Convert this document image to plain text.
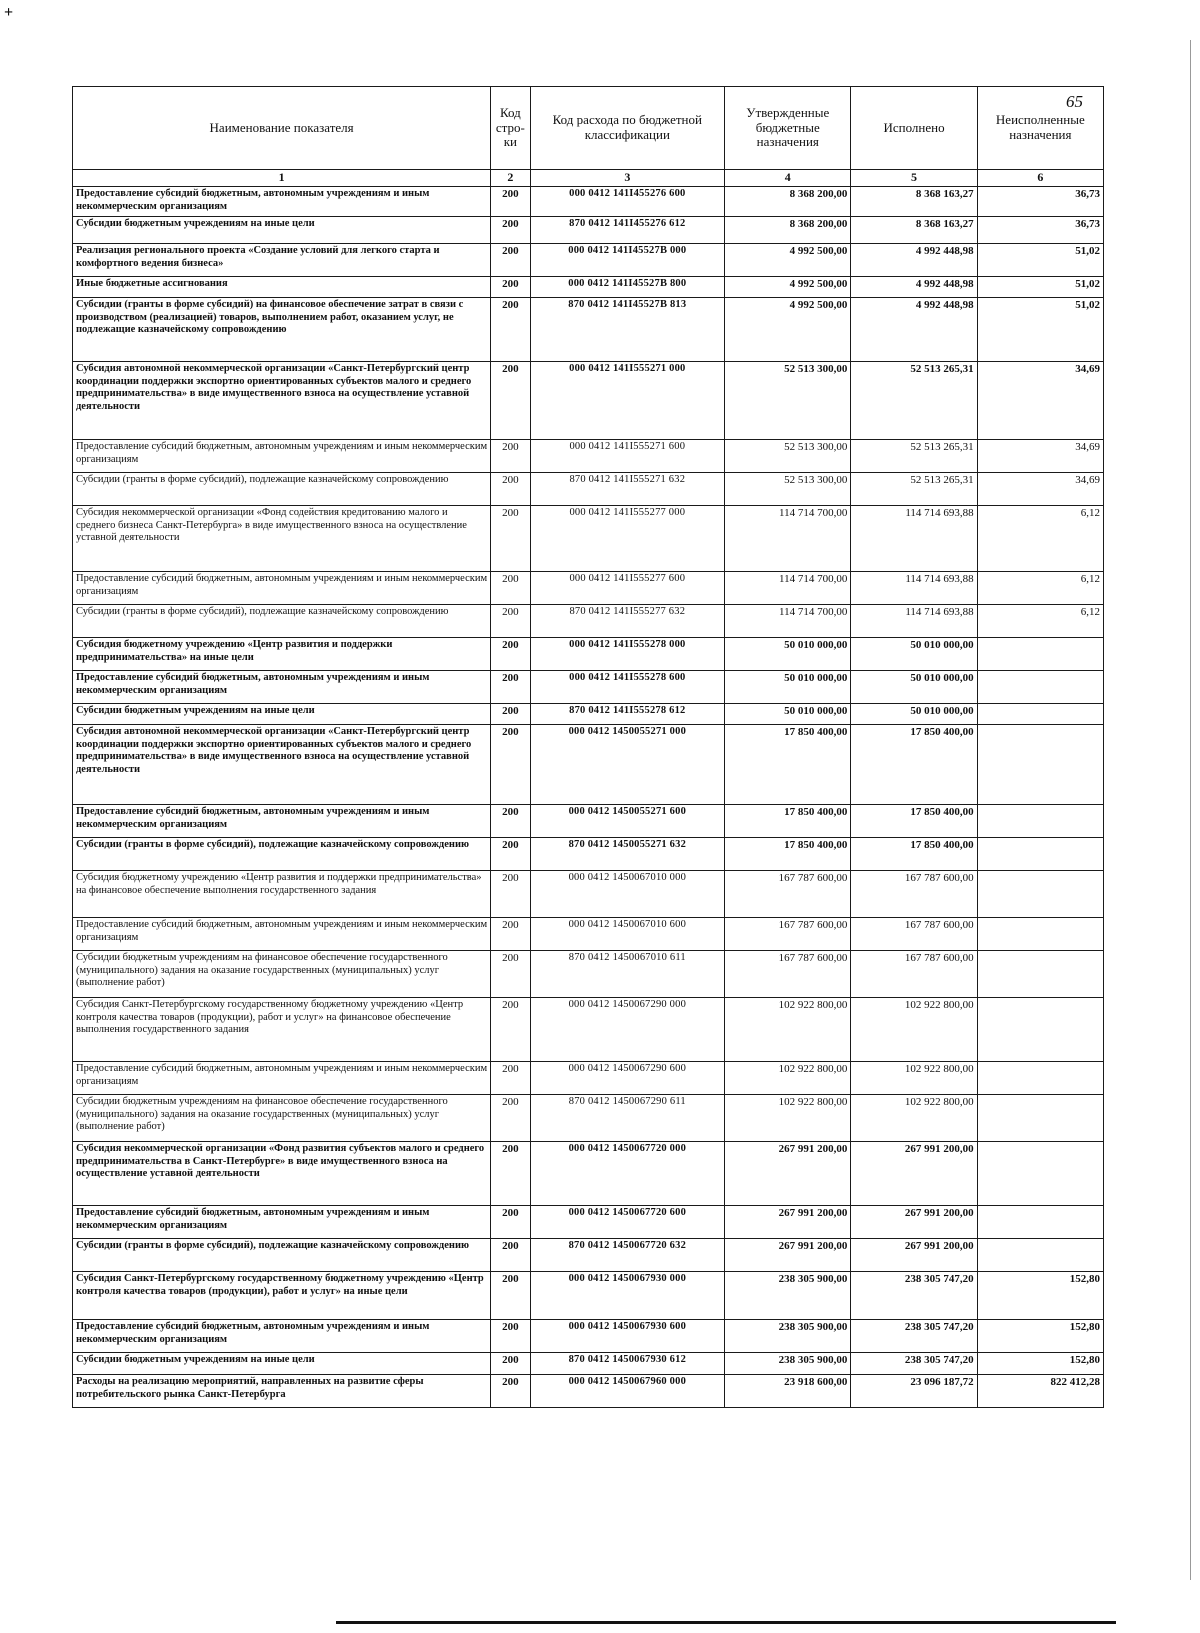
+
65
Наименование показателя	Код стро-ки	Код расхода по бюджетной классификации	Утвержденные бюджетные назначения	Исполнено	Неисполненные назначения
1	2	3	4	5	6
Предоставление субсидий бюджетным, автономным учреждениям и иным некоммерческим организациям	200	000 0412 141I455276 600	8 368 200,00	8 368 163,27	36,73
Субсидии бюджетным учреждениям на иные цели	200	870 0412 141I455276 612	8 368 200,00	8 368 163,27	36,73
Реализация регионального проекта «Создание условий для легкого старта и комфортного ведения бизнеса»	200	000 0412 141I45527В 000	4 992 500,00	4 992 448,98	51,02
Иные бюджетные ассигнования	200	000 0412 141I45527В 800	4 992 500,00	4 992 448,98	51,02
Субсидии (гранты в форме субсидий) на финансовое обеспечение затрат в связи с производством (реализацией) товаров, выполнением работ, оказанием услуг, не подлежащие казначейскому сопровождению	200	870 0412 141I45527В 813	4 992 500,00	4 992 448,98	51,02
Субсидия автономной некоммерческой организации «Санкт-Петербургский центр координации поддержки экспортно ориентированных субъектов малого и среднего предпринимательства» в виде имущественного взноса на осуществление уставной деятельности	200	000 0412 141I555271 000	52 513 300,00	52 513 265,31	34,69
Предоставление субсидий бюджетным, автономным учреждениям и иным некоммерческим организациям	200	000 0412 141I555271 600	52 513 300,00	52 513 265,31	34,69
Субсидии (гранты в форме субсидий), подлежащие казначейскому сопровождению	200	870 0412 141I555271 632	52 513 300,00	52 513 265,31	34,69
Субсидия некоммерческой организации «Фонд содействия кредитованию малого и среднего бизнеса Санкт-Петербурга» в виде имущественного взноса на осуществление уставной деятельности	200	000 0412 141I555277 000	114 714 700,00	114 714 693,88	6,12
Предоставление субсидий бюджетным, автономным учреждениям и иным некоммерческим организациям	200	000 0412 141I555277 600	114 714 700,00	114 714 693,88	6,12
Субсидии (гранты в форме субсидий), подлежащие казначейскому сопровождению	200	870 0412 141I555277 632	114 714 700,00	114 714 693,88	6,12
Субсидия бюджетному учреждению «Центр развития и поддержки предпринимательства» на иные цели	200	000 0412 141I555278 000	50 010 000,00	50 010 000,00	
Предоставление субсидий бюджетным, автономным учреждениям и иным некоммерческим организациям	200	000 0412 141I555278 600	50 010 000,00	50 010 000,00	
Субсидии бюджетным учреждениям на иные цели	200	870 0412 141I555278 612	50 010 000,00	50 010 000,00	
Субсидия автономной некоммерческой организации «Санкт-Петербургский центр координации поддержки экспортно ориентированных субъектов малого и среднего предпринимательства» в виде имущественного взноса на осуществление уставной деятельности	200	000 0412 1450055271 000	17 850 400,00	17 850 400,00	
Предоставление субсидий бюджетным, автономным учреждениям и иным некоммерческим организациям	200	000 0412 1450055271 600	17 850 400,00	17 850 400,00	
Субсидии (гранты в форме субсидий), подлежащие казначейскому сопровождению	200	870 0412 1450055271 632	17 850 400,00	17 850 400,00	
Субсидия бюджетному учреждению «Центр развития и поддержки предпринимательства» на финансовое обеспечение выполнения государственного задания	200	000 0412 1450067010 000	167 787 600,00	167 787 600,00	
Предоставление субсидий бюджетным, автономным учреждениям и иным некоммерческим организациям	200	000 0412 1450067010 600	167 787 600,00	167 787 600,00	
Субсидии бюджетным учреждениям на финансовое обеспечение государственного (муниципального) задания на оказание государственных (муниципальных) услуг (выполнение работ)	200	870 0412 1450067010 611	167 787 600,00	167 787 600,00	
Субсидия Санкт-Петербургскому государственному бюджетному учреждению «Центр контроля качества товаров (продукции), работ и услуг» на финансовое обеспечение выполнения государственного задания	200	000 0412 1450067290 000	102 922 800,00	102 922 800,00	
Предоставление субсидий бюджетным, автономным учреждениям и иным некоммерческим организациям	200	000 0412 1450067290 600	102 922 800,00	102 922 800,00	
Субсидии бюджетным учреждениям на финансовое обеспечение государственного (муниципального) задания на оказание государственных (муниципальных) услуг (выполнение работ)	200	870 0412 1450067290 611	102 922 800,00	102 922 800,00	
Субсидия некоммерческой организации «Фонд развития субъектов малого и среднего предпринимательства в Санкт-Петербурге» в виде имущественного взноса на осуществление уставной деятельности	200	000 0412 1450067720 000	267 991 200,00	267 991 200,00	
Предоставление субсидий бюджетным, автономным учреждениям и иным некоммерческим организациям	200	000 0412 1450067720 600	267 991 200,00	267 991 200,00	
Субсидии (гранты в форме субсидий), подлежащие казначейскому сопровождению	200	870 0412 1450067720 632	267 991 200,00	267 991 200,00	
Субсидия Санкт-Петербургскому государственному бюджетному учреждению «Центр контроля качества товаров (продукции), работ и услуг» на иные цели	200	000 0412 1450067930 000	238 305 900,00	238 305 747,20	152,80
Предоставление субсидий бюджетным, автономным учреждениям и иным некоммерческим организациям	200	000 0412 1450067930 600	238 305 900,00	238 305 747,20	152,80
Субсидии бюджетным учреждениям на иные цели	200	870 0412 1450067930 612	238 305 900,00	238 305 747,20	152,80
Расходы на реализацию мероприятий, направленных на развитие сферы потребительского рынка Санкт-Петербурга	200	000 0412 1450067960 000	23 918 600,00	23 096 187,72	822 412,28
